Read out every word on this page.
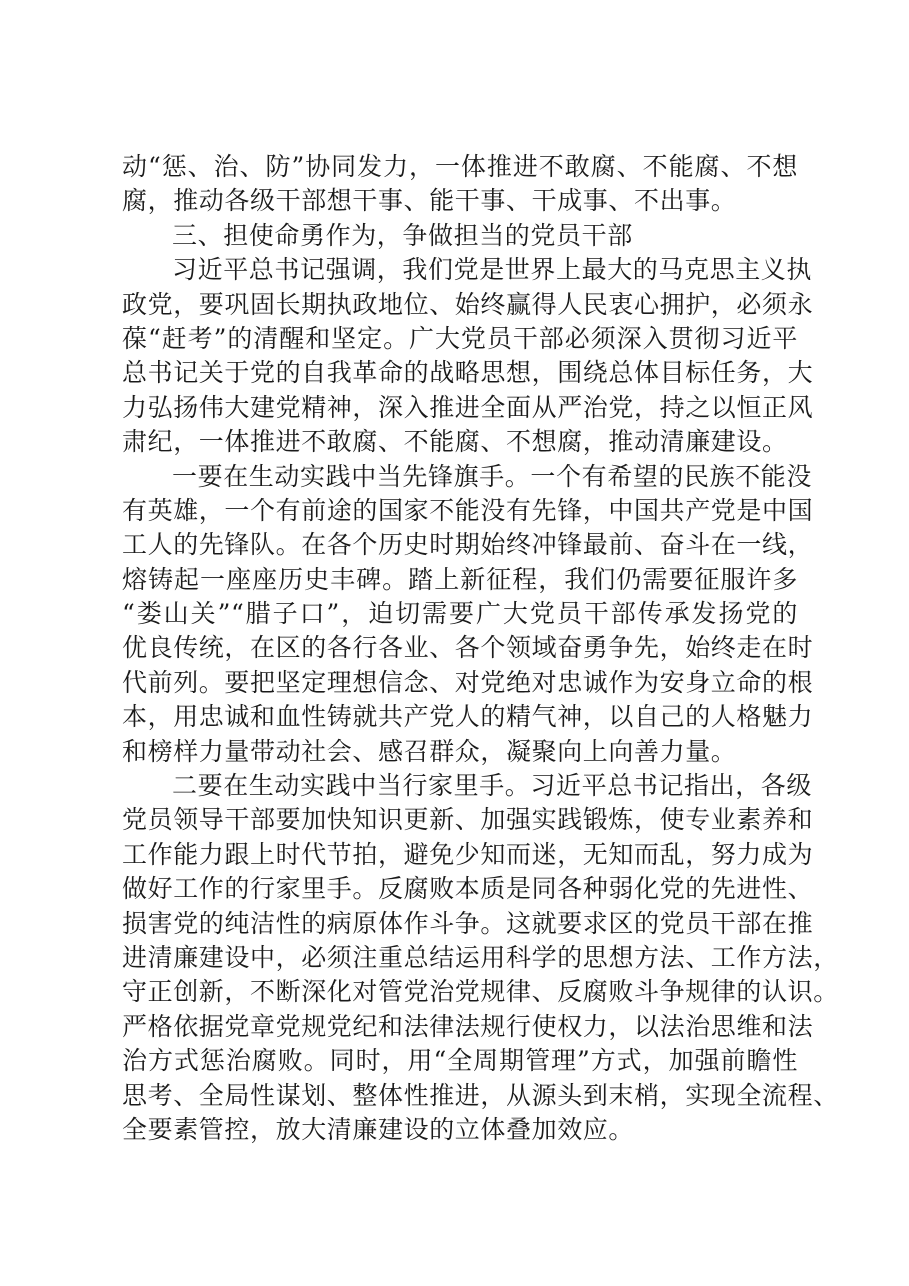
动“惩、治、防”协同发力，一体推进不敢腐、不能腐、不想
腐，推动各级干部想干事、能干事、干成事、不出事。
三、担使命勇作为，争做担当的党员干部
习近平总书记强调，我们党是世界上最大的马克思主义执
政党，要巩固长期执政地位、始终赢得人民衷心拥护，必须永
葆“赶考”的清醒和坚定。广大党员干部必须深入贯彻习近平
总书记关于党的自我革命的战略思想，围绕总体目标任务，大
力弘扬伟大建党精神，深入推进全面从严治党，持之以恒正风
肃纪，一体推进不敢腐、不能腐、不想腐，推动清廉建设。
一要在生动实践中当先锋旗手。一个有希望的民族不能没
有英雄，一个有前途的国家不能没有先锋，中国共产党是中国
工人的先锋队。在各个历史时期始终冲锋最前、奋斗在一线，
熔铸起一座座历史丰碑。踏上新征程，我们仍需要征服许多
“娄山关”“腊子口”，迫切需要广大党员干部传承发扬党的
优良传统，在区的各行各业、各个领域奋勇争先，始终走在时
代前列。要把坚定理想信念、对党绝对忠诚作为安身立命的根
本，用忠诚和血性铸就共产党人的精气神，以自己的人格魅力
和榜样力量带动社会、感召群众，凝聚向上向善力量。
二要在生动实践中当行家里手。习近平总书记指出，各级
党员领导干部要加快知识更新、加强实践锻炼，使专业素养和
工作能力跟上时代节拍，避免少知而迷，无知而乱，努力成为
做好工作的行家里手。反腐败本质是同各种弱化党的先进性、
损害党的纯洁性的病原体作斗争。这就要求区的党员干部在推
进清廉建设中，必须注重总结运用科学的思想方法、工作方法，
守正创新，不断深化对管党治党规律、反腐败斗争规律的认识。
严格依据党章党规党纪和法律法规行使权力，以法治思维和法
治方式惩治腐败。同时，用“全周期管理”方式，加强前瞻性
思考、全局性谋划、整体性推进，从源头到末梢，实现全流程、
全要素管控，放大清廉建设的立体叠加效应。
